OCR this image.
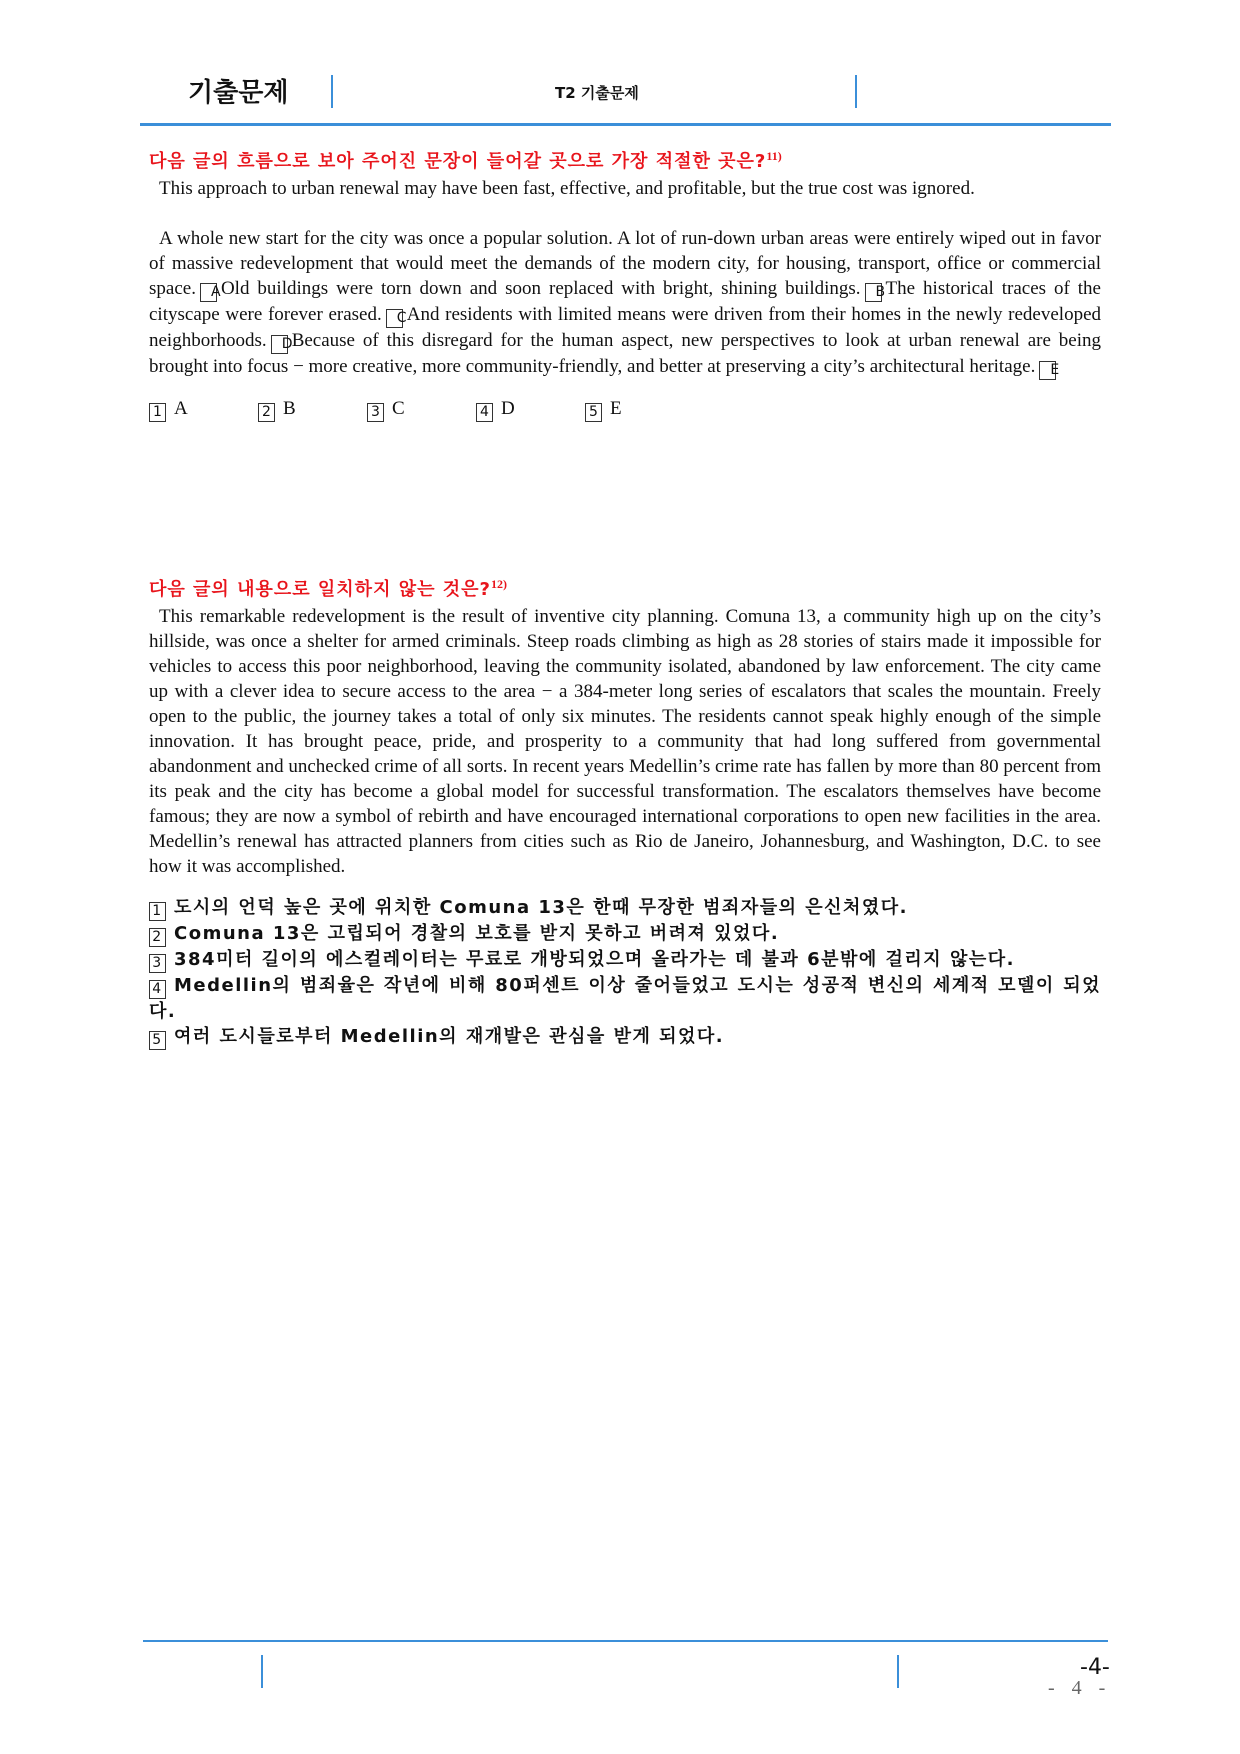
기출문제	T2 기출문제
다음 글의 흐름으로 보아 주어진 문장이 들어갈 곳으로 가장 적절한 곳은?$^{11)}$
This approach to urban renewal may have been fast, effective, and profitable, but the true cost was ignored.
A whole new start for the city was once a popular solution. A lot of run-down urban areas were entirely wiped out in favor of massive redevelopment that would meet the demands of the modern city, for housing, transport, office or commercial space. AOld buildings were torn down and soon replaced with bright, shining buildings. BThe historical traces of the cityscape were forever erased. CAnd residents with limited means were driven from their homes in the newly redeveloped neighborhoods. DBecause of this disregard for the human aspect, new perspectives to look at urban renewal are being brought into focus − more creative, more community-friendly, and better at preserving a city’s architectural heritage. E
1 A	2 B	3 C	4 D	5 E
다음 글의 내용으로 일치하지 않는 것은?$^{12)}$
This remarkable redevelopment is the result of inventive city planning. Comuna 13, a community high up on the city’s hillside, was once a shelter for armed criminals. Steep roads climbing as high as 28 stories of stairs made it impossible for vehicles to access this poor neighborhood, leaving the community isolated, abandoned by law enforcement. The city came up with a clever idea to secure access to the area − a 384-meter long series of escalators that scales the mountain. Freely open to the public, the journey takes a total of only six minutes. The residents cannot speak highly enough of the simple innovation. It has brought peace, pride, and prosperity to a community that had long suffered from governmental abandonment and unchecked crime of all sorts. In recent years Medellin’s crime rate has fallen by more than 80 percent from its peak and the city has become a global model for successful transformation. The escalators themselves have become famous; they are now a symbol of rebirth and have encouraged international corporations to open new facilities in the area. Medellin’s renewal has attracted planners from cities such as Rio de Janeiro, Johannesburg, and Washington, D.C. to see how it was accomplished.
1 도시의 언덕 높은 곳에 위치한 Comuna 13은 한때 무장한 범죄자들의 은신처였다.
2 Comuna 13은 고립되어 경찰의 보호를 받지 못하고 버려져 있었다.
3 384미터 길이의 에스컬레이터는 무료로 개방되었으며 올라가는 데 불과 6분밖에 걸리지 않는다.
4 Medellin의 범죄율은 작년에 비해 80퍼센트 이상 줄어들었고 도시는 성공적 변신의 세계적 모델이 되었다.
5 여러 도시들로부터 Medellin의 재개발은 관심을 받게 되었다.
-4-
- 4 -
